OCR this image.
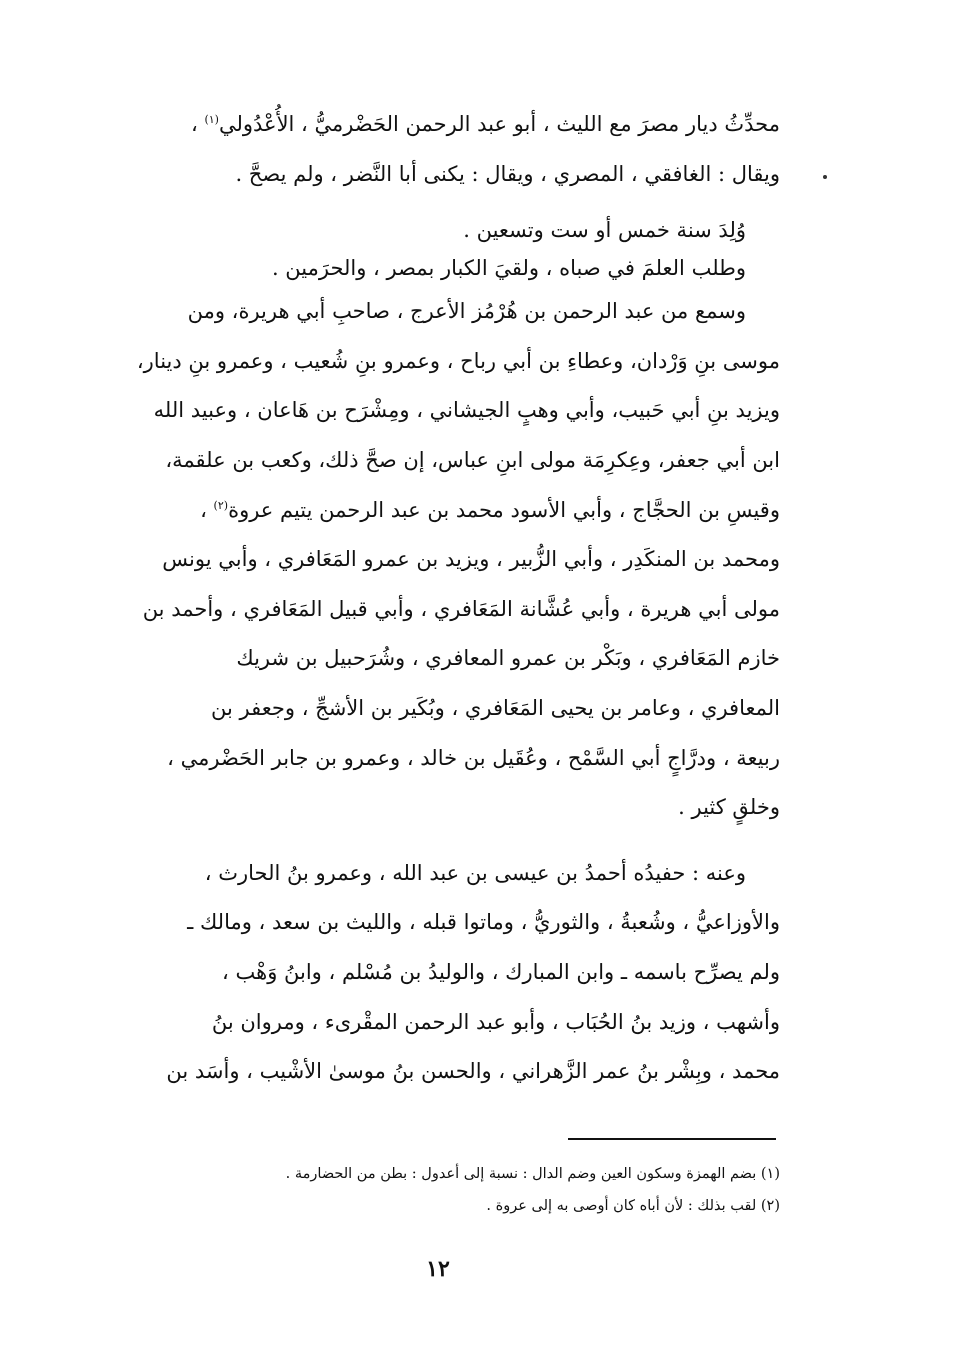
محدِّثُ ديار مصرَ مع الليث ، أبو عبد الرحمن الحَضْرميُّ ، الأُعْدُولي$^{(١)}$ ،
ويقال : الغافقي ، المصري ، ويقال : يكنى أبا النَّضر ، ولم يصحَّ .
وُلِدَ سنة خمس أو ست وتسعين .
وطلب العلمَ في صباه ، ولقيَ الكبار بمصر ، والحرَمين .
وسمع من عبد الرحمن بن هُرْمُز الأعرج ، صاحبِ أبي هريرة، ومن
موسى بنِ وَرْدان، وعطاءِ بن أبي رباح ، وعمرو بنِ شُعيب ، وعمرو بنِ دينار،
ويزيد بنِ أبي حَبيب، وأبي وهبٍ الجيشاني ، ومِشْرَح بن هَاعان ، وعبيد الله
ابن أبي جعفر، وعِكرِمَة مولى ابنِ عباس، إن صحَّ ذلك، وكعب بن علقمة،
وقيسِ بن الحجَّاج ، وأبي الأسود محمد بن عبد الرحمن يتيم عروة$^{(٢)}$ ،
ومحمد بن المنكَدِر ، وأبي الزُّبير ، ويزيد بن عمرو المَعَافري ، وأبي يونس
مولى أبي هريرة ، وأبي عُشَّانة المَعَافري ، وأبي قبيل المَعَافري ، وأحمد بن
خازم المَعَافري ، وبَكْر بن عمرو المعافري ، وشُرَحبيل بن شريك
المعافري ، وعامر بن يحيى المَعَافري ، وبُكَير بن الأشجِّ ، وجعفر بن
ربيعة ، ودرَّاجٍ أبي السَّمْح ، وعُقَيل بن خالد ، وعمرو بن جابر الحَضْرمي ،
وخلقٍ كثير .
وعنه : حفيدُه أحمدُ بن عيسى بن عبد الله ، وعمرو بنُ الحارث ،
والأوزاعيُّ ، وشُعبةُ ، والثوريُّ ، وماتوا قبله ، والليث بن سعد ، ومالك ـ
ولم يصرِّح باسمه ـ وابن المبارك ، والوليدُ بن مُسْلم ، وابنُ وَهْب ،
وأشهب ، وزيد بنُ الحُبَاب ، وأبو عبد الرحمن المقْرىء ، ومروان بنُ
محمد ، وبِشْر بنُ عمر الزَّهراني ، والحسن بنُ موسىٰ الأشْيب ، وأسَد بن
(١) بضم الهمزة وسكون العين وضم الدال : نسبة إلى أعدول : بطن من الحضارمة .
(٢) لقب بذلك : لأن أباه كان أوصى به إلى عروة .
١٢
